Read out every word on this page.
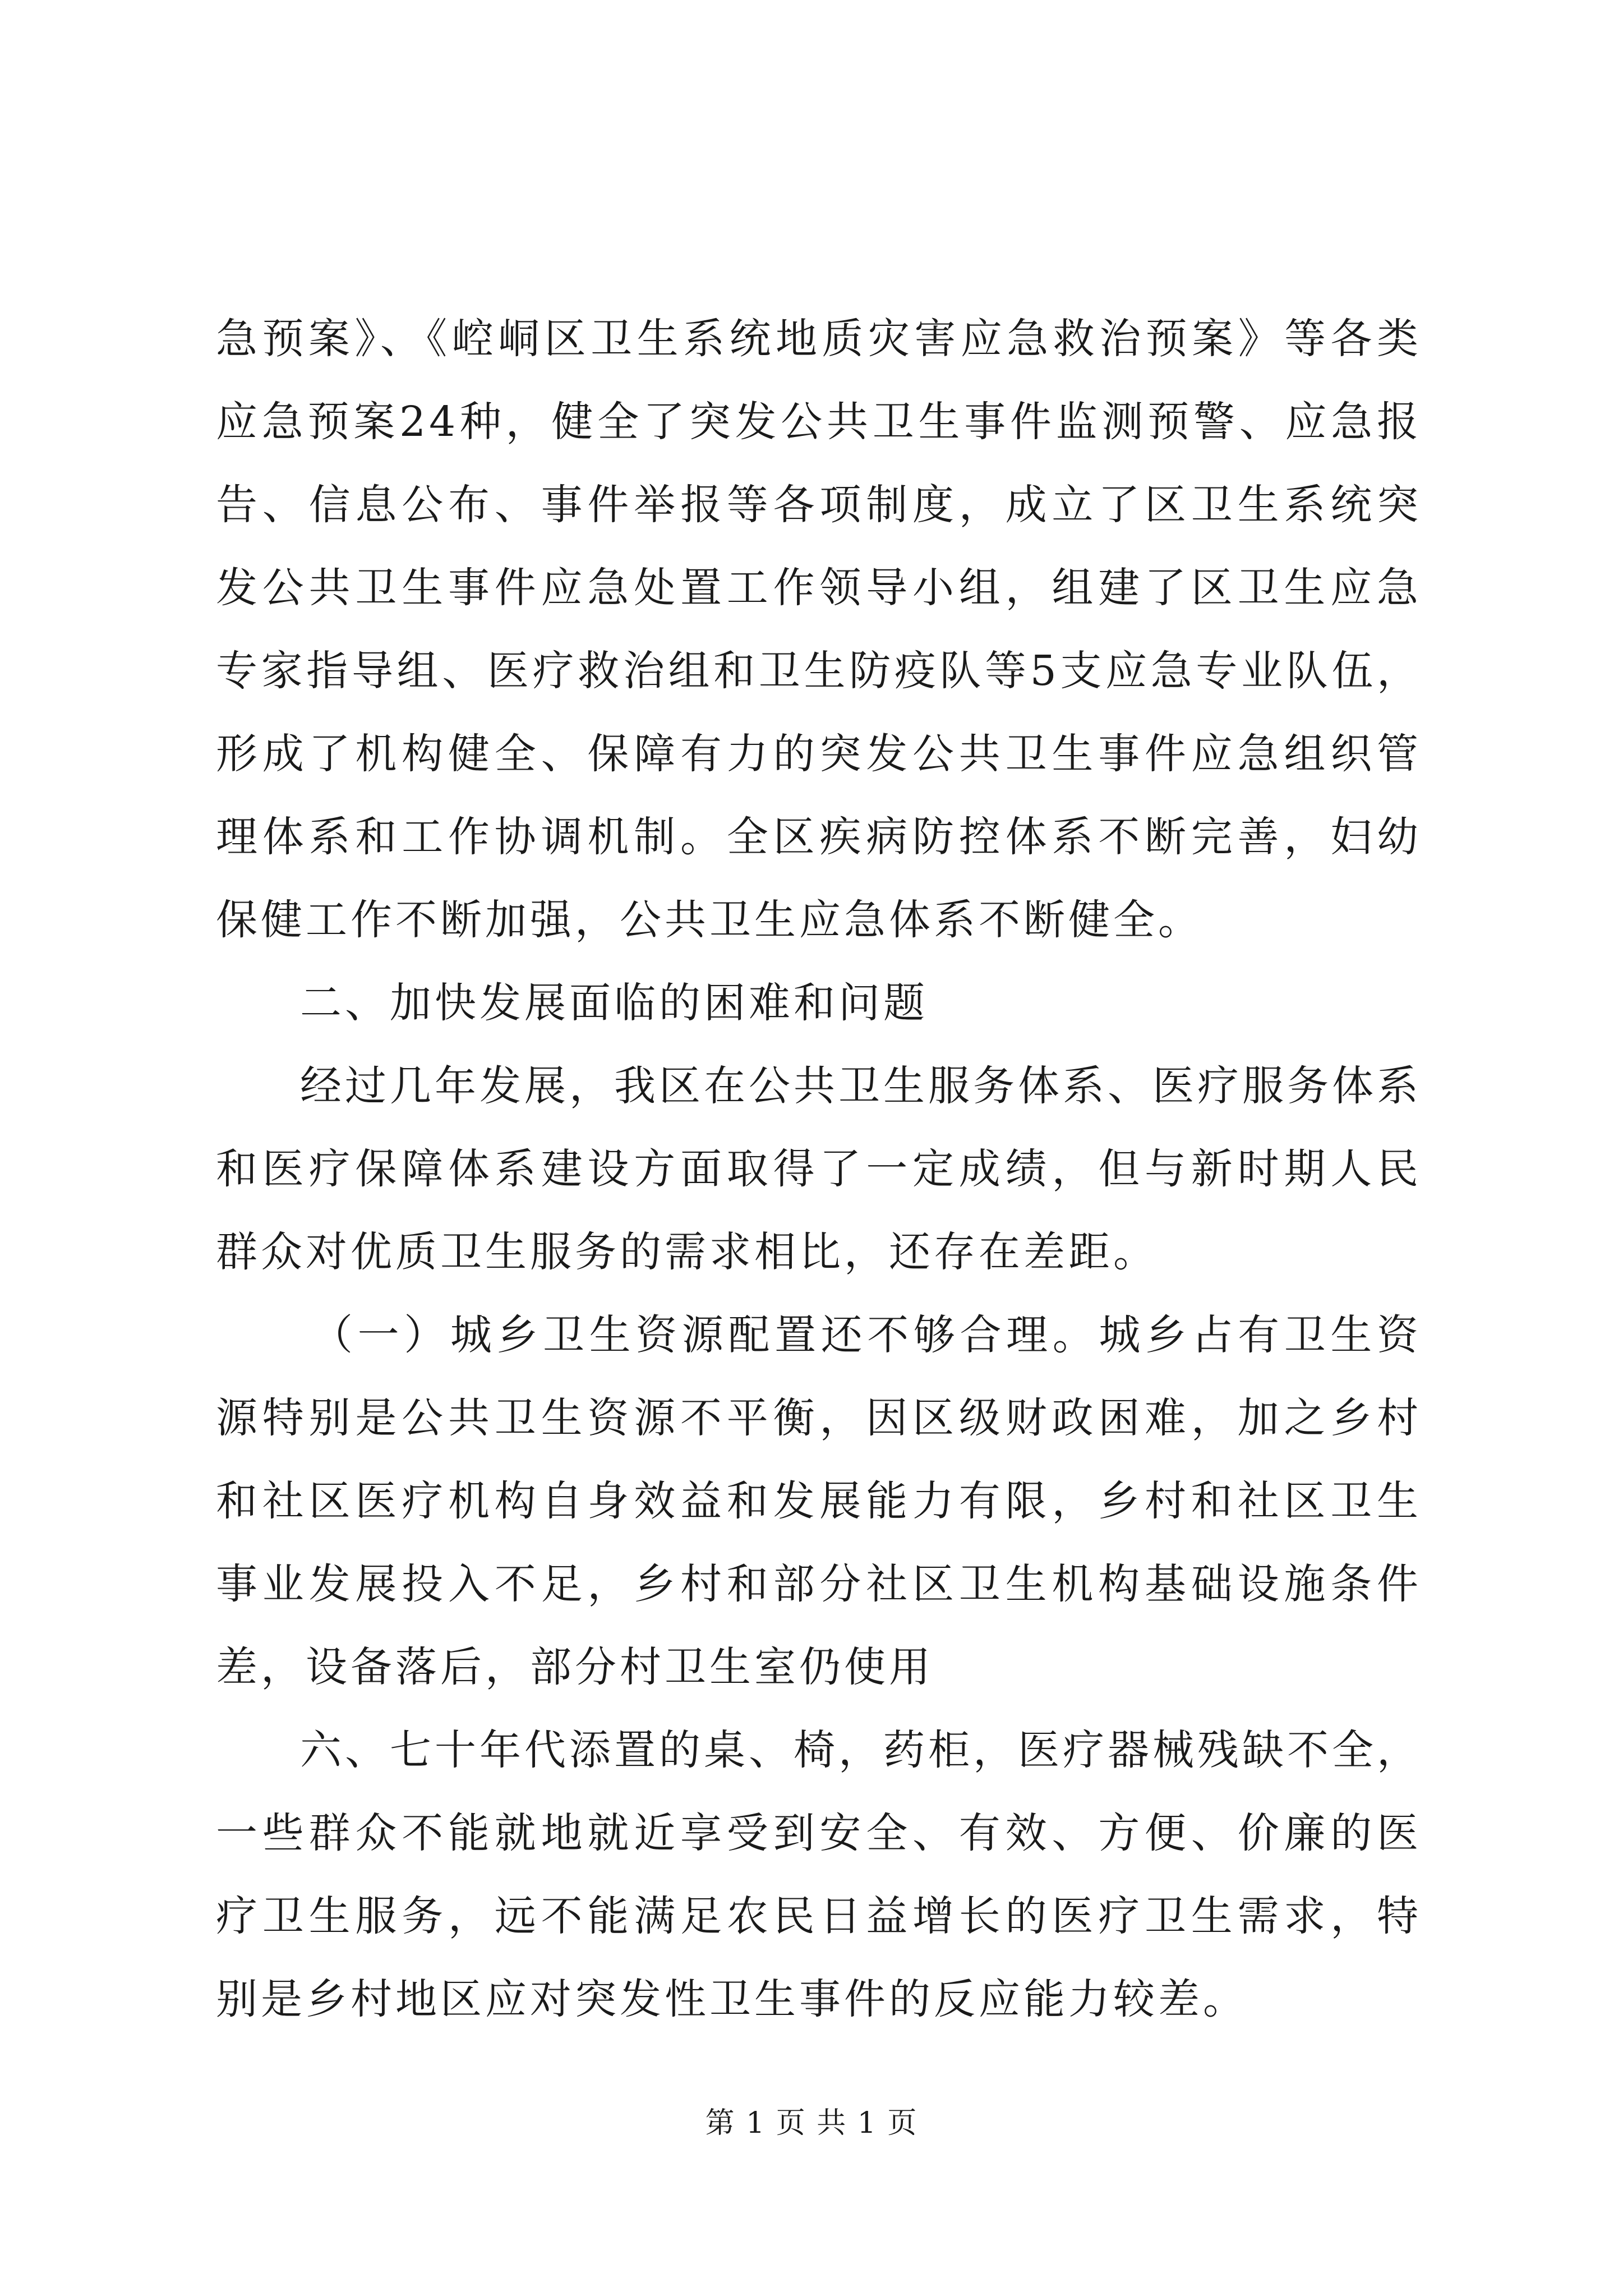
急预案》、《崆峒区卫生系统地质灾害应急救治预案》等各类应急预案24种，健全了突发公共卫生事件监测预警、应急报告、信息公布、事件举报等各项制度，成立了区卫生系统突发公共卫生事件应急处置工作领导小组，组建了区卫生应急专家指导组、医疗救治组和卫生防疫队等5支应急专业队伍，形成了机构健全、保障有力的突发公共卫生事件应急组织管理体系和工作协调机制。全区疾病防控体系不断完善，妇幼保健工作不断加强，公共卫生应急体系不断健全。

二、加快发展面临的困难和问题

经过几年发展，我区在公共卫生服务体系、医疗服务体系和医疗保障体系建设方面取得了一定成绩，但与新时期人民群众对优质卫生服务的需求相比，还存在差距。

（一）城乡卫生资源配置还不够合理。城乡占有卫生资源特别是公共卫生资源不平衡，因区级财政困难，加之乡村和社区医疗机构自身效益和发展能力有限，乡村和社区卫生事业发展投入不足，乡村和部分社区卫生机构基础设施条件差，设备落后，部分村卫生室仍使用

六、七十年代添置的桌、椅，药柜，医疗器械残缺不全，一些群众不能就地就近享受到安全、有效、方便、价廉的医疗卫生服务，远不能满足农民日益增长的医疗卫生需求，特别是乡村地区应对突发性卫生事件的反应能力较差。

第 1 页 共 1 页
